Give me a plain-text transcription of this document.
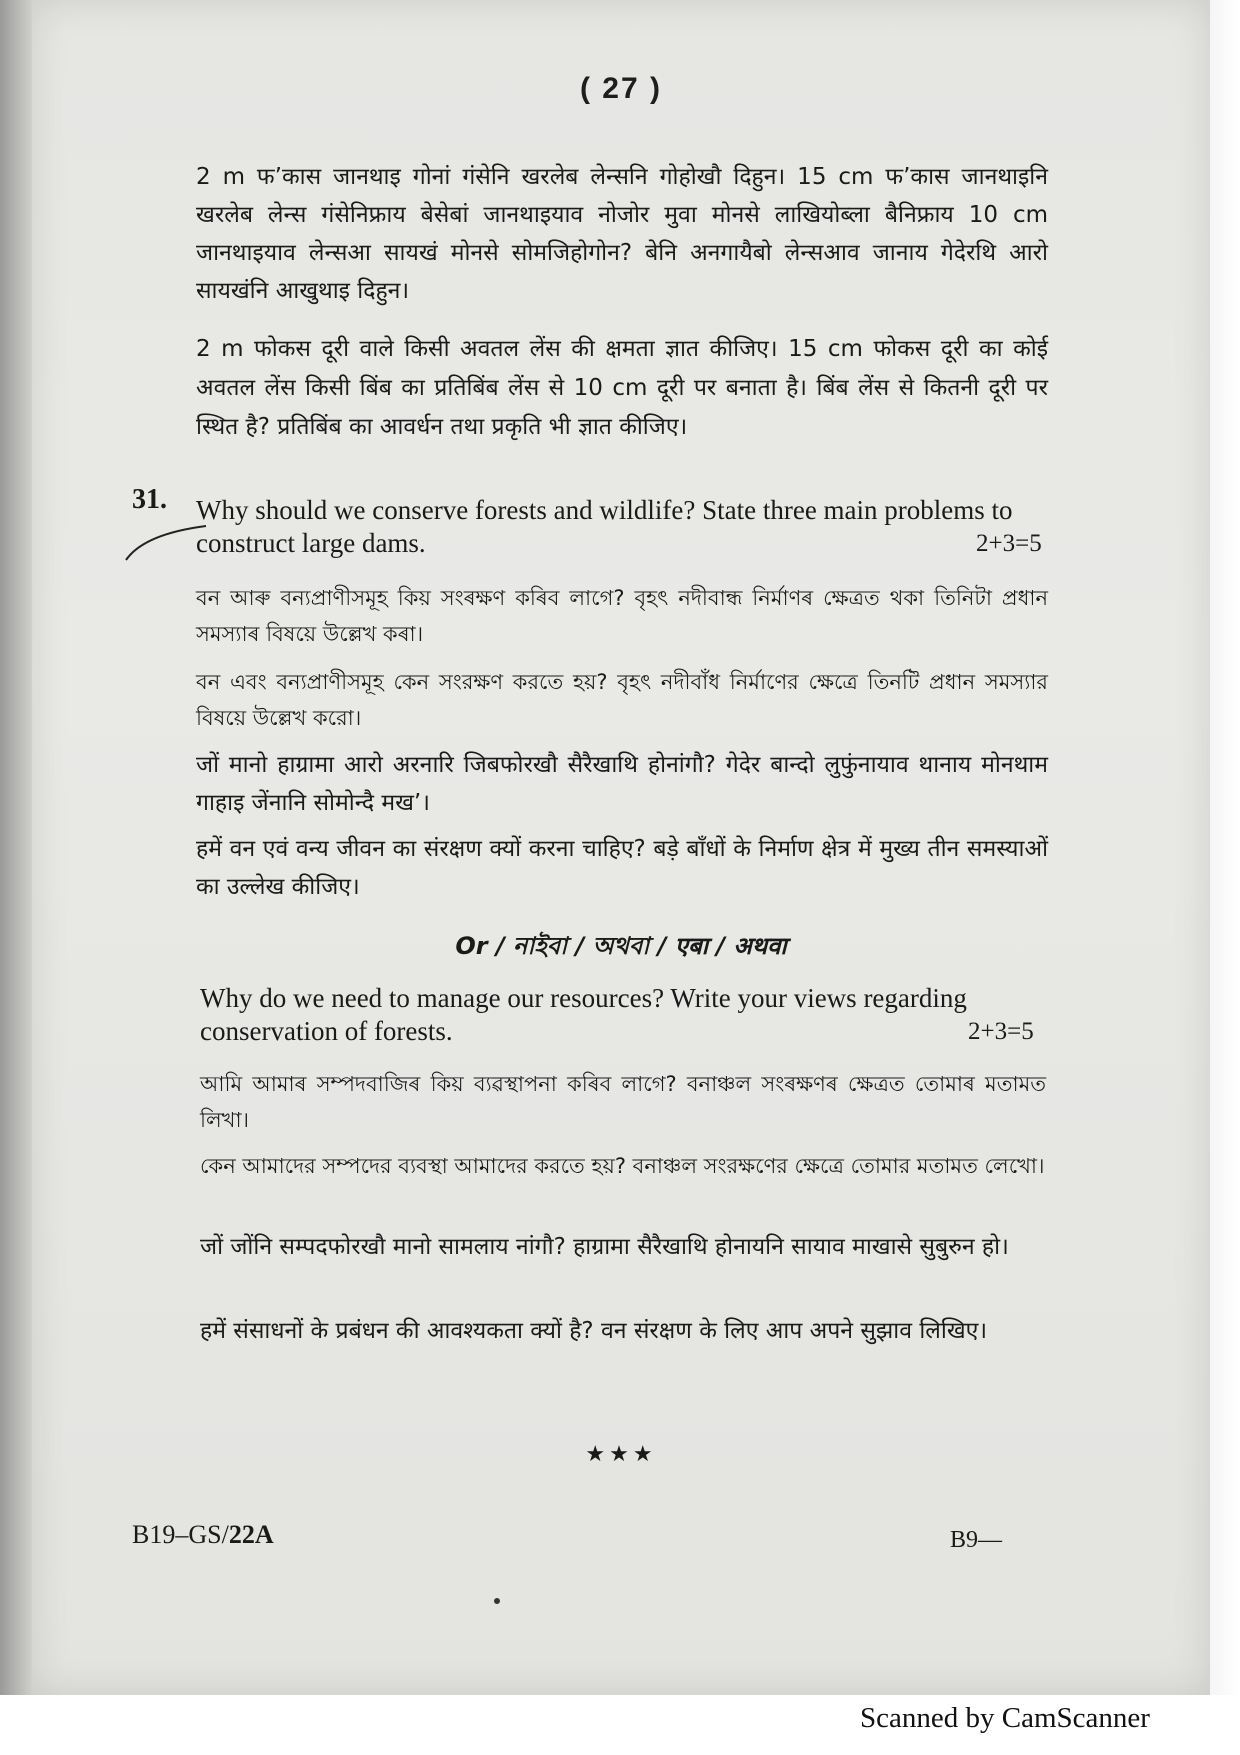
( 27 )
2 m फ’कास जानथाइ गोनां गंसेनि खरलेब लेन्सनि गोहोखौ दिहुन। 15 cm फ’कास जानथाइनि खरलेब लेन्स गंसेनिफ्राय बेसेबां जानथाइयाव नोजोर मुवा मोनसे लाखियोब्ला बैनिफ्राय 10 cm जानथाइयाव लेन्सआ सायखं मोनसे सोमजिहोगोन? बेनि अनगायैबो लेन्सआव जानाय गेदेरथि आरो सायखंनि आखुथाइ दिहुन।
2 m फोकस दूरी वाले किसी अवतल लेंस की क्षमता ज्ञात कीजिए। 15 cm फोकस दूरी का कोई अवतल लेंस किसी बिंब का प्रतिबिंब लेंस से 10 cm दूरी पर बनाता है। बिंब लेंस से कितनी दूरी पर स्थित है? प्रतिबिंब का आवर्धन तथा प्रकृति भी ज्ञात कीजिए।
31. Why should we conserve forests and wildlife? State three main problems to construct large dams.	2+3=5
বন আৰু বন্যপ্ৰাণীসমূহ কিয় সংৰক্ষণ কৰিব লাগে? বৃহৎ নদীবান্ধ নিৰ্মাণৰ ক্ষেত্ৰত থকা তিনিটা প্ৰধান সমস্যাৰ বিষয়ে উল্লেখ কৰা।
বন এবং বন্যপ্রাণীসমূহ কেন সংরক্ষণ করতে হয়? বৃহৎ নদীবাঁধ নির্মাণের ক্ষেত্রে তিনটি প্রধান সমস্যার বিষয়ে উল্লেখ করো।
जों मानो हाग्रामा आरो अरनारि जिबफोरखौ सैरैखाथि होनांगौ? गेदेर बान्दो लुफुंनायाव थानाय मोनथाम गाहाइ जेंनानि सोमोन्दै मख’।
हमें वन एवं वन्य जीवन का संरक्षण क्यों करना चाहिए? बड़े बाँधों के निर्माण क्षेत्र में मुख्य तीन समस्याओं का उल्लेख कीजिए।
Or / নাইবা / অথবা / एबा / अथवा
Why do we need to manage our resources? Write your views regarding conservation of forests.	2+3=5
আমি আমাৰ সম্পদবাজিৰ কিয় ব্যৱস্থাপনা কৰিব লাগে? বনাঞ্চল সংৰক্ষণৰ ক্ষেত্ৰত তোমাৰ মতামত লিখা।
কেন আমাদের সম্পদের ব্যবস্থা আমাদের করতে হয়? বনাঞ্চল সংরক্ষণের ক্ষেত্রে তোমার মতামত লেখো।
जों जोंनि सम्पदफोरखौ मानो सामलाय नांगौ? हाग्रामा सैरैखाथि होनायनि सायाव माखासे सुबुरुन हो।
हमें संसाधनों के प्रबंधन की आवश्यकता क्यों है? वन संरक्षण के लिए आप अपने सुझाव लिखिए।
★★★
B19–GS/22A	B9—
Scanned by CamScanner
